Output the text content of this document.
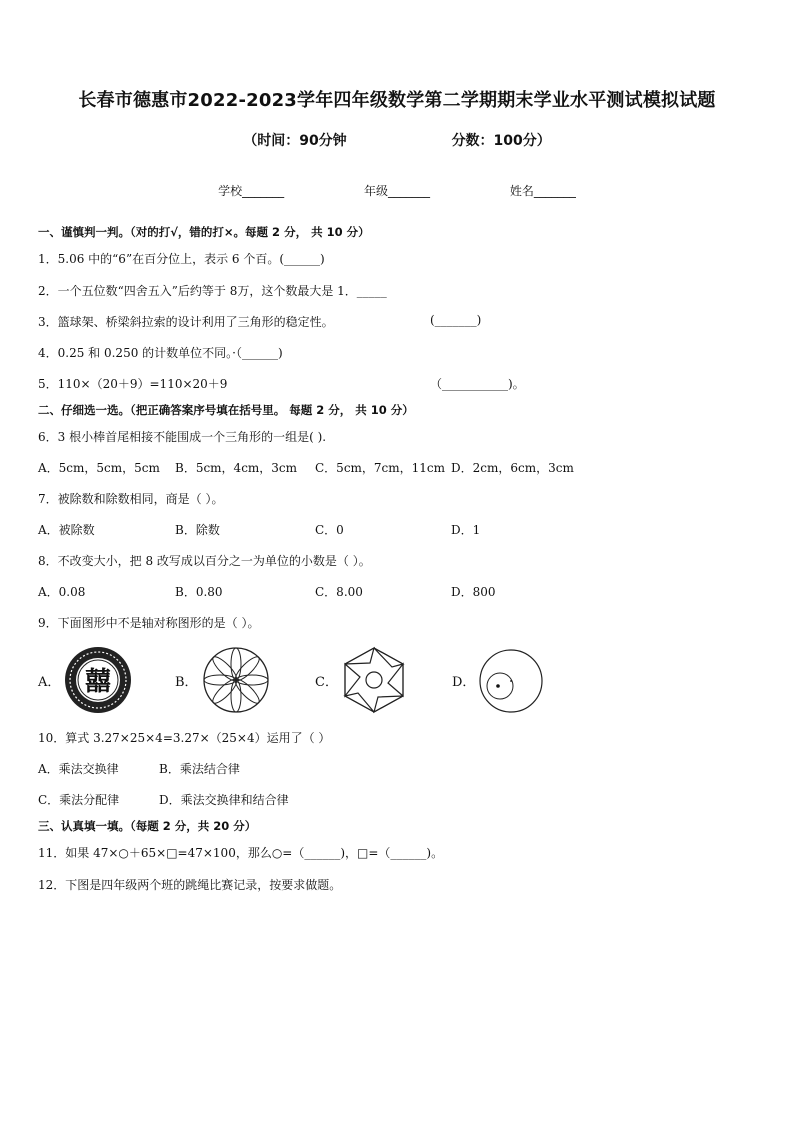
长春市德惠市2022-2023学年四年级数学第二学期期末学业水平测试模拟试题
（时间：90分钟	分数：100分）
学校_______	年级_______	姓名_______
一、谨慎判一判。（对的打√，错的打×。每题 2 分， 共 10 分）
1．5.06 中的“6”在百分位上，表示 6 个百。(______)
2．一个五位数“四舍五入”后约等于 8万，这个数最大是 1．_____
3．篮球架、桥梁斜拉索的设计利用了三角形的稳定性。	(_______)
4．0.25 和 0.250 的计数单位不同。·（______)
5．110×（20＋9）=110×20＋9	（___________)。
二、仔细选一选。（把正确答案序号填在括号里。 每题 2 分， 共 10 分）
6．3 根小棒首尾相接不能围成一个三角形的一组是( ).
A．5cm，5cm，5cm B．5cm，4cm，3cm C．5cm，7cm，11cm D．2cm，6cm，3cm
7．被除数和除数相同，商是（ ）。
A．被除数	B．除数	C．0	D．1
8．不改变大小，把 8 改写成以百分之一为单位的小数是（ ）。
A．0.08	B．0.80	C．8.00	D．800
9．下面图形中不是轴对称图形的是（ ）。
A． 囍	B．	C．	D．
10．算式 3.27×25×4=3.27×（25×4）运用了（ ）
A．乘法交换律	B．乘法结合律
C．乘法分配律	D．乘法交换律和结合律
三、认真填一填。（每题 2 分，共 20 分）
11．如果 47×○＋65×□=47×100，那么○=（______)，□=（______)。
12．下图是四年级两个班的跳绳比赛记录，按要求做题。
